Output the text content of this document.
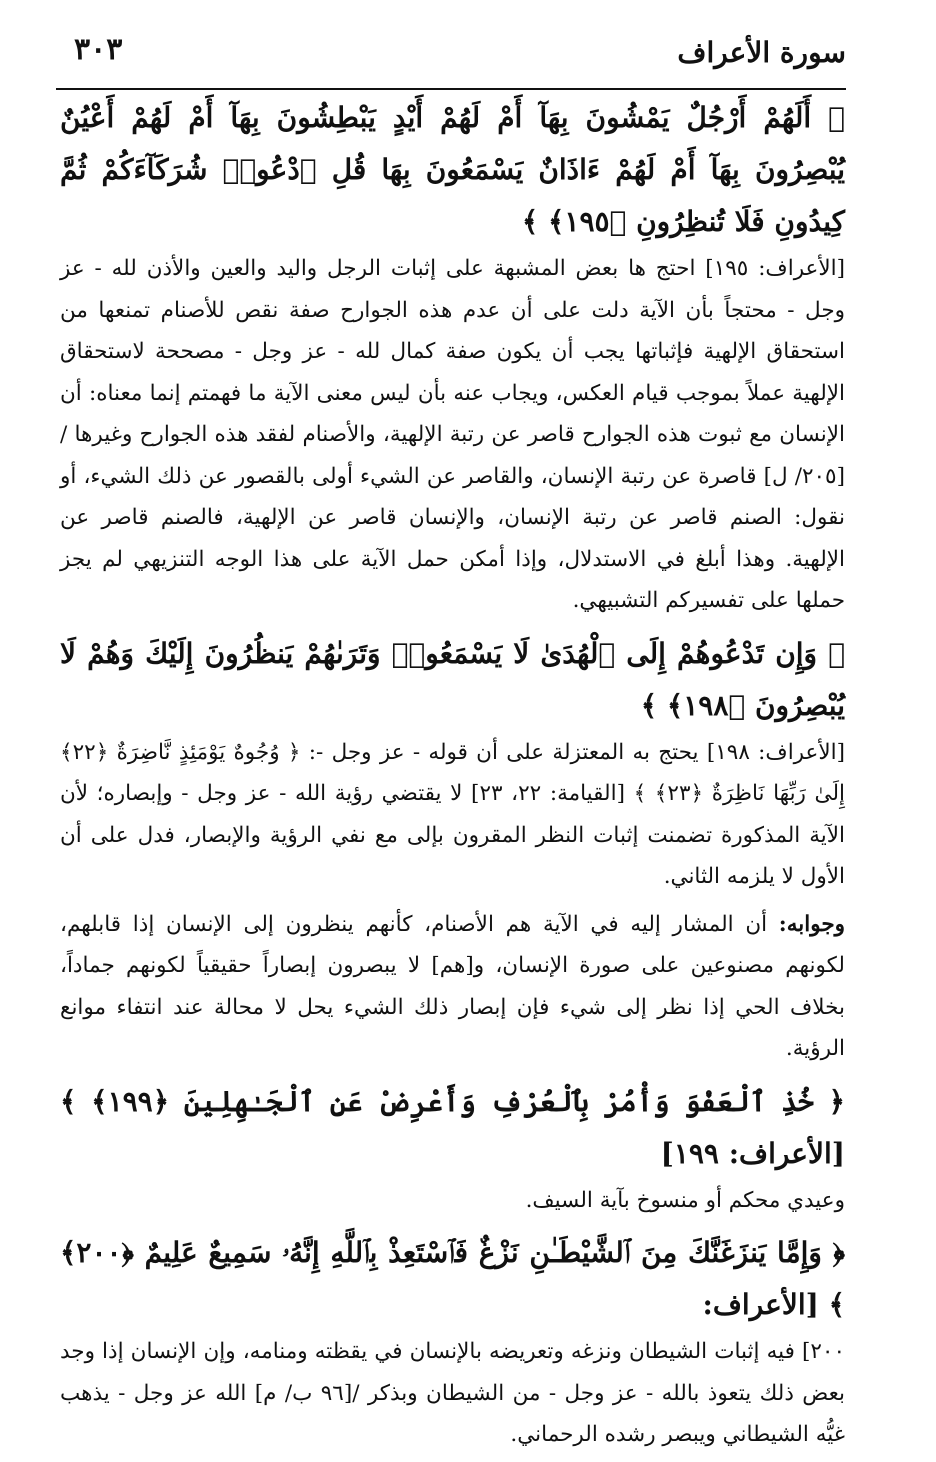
٣٠٣	سورة الأعراف

﴿ أَلَهُمْ أَرْجُلٌ يَمْشُونَ بِهَآ أَمْ لَهُمْ أَيْدٍ يَبْطِشُونَ بِهَآ أَمْ لَهُمْ أَعْيُنٌ يُبْصِرُونَ بِهَآ أَمْ لَهُمْ ءَاذَانٌ يَسْمَعُونَ بِهَا قُلِ ٱدْعُوا۟ شُرَكَآءَكُمْ ثُمَّ كِيدُونِ فَلَا تُنظِرُونِ ﴿١٩٥﴾ ﴾

[الأعراف: ١٩٥] احتج ها بعض المشبهة على إثبات الرجل واليد والعين والأذن لله - عز وجل - محتجاً بأن الآية دلت على أن عدم هذه الجوارح صفة نقص للأصنام تمنعها من استحقاق الإلهية فإثباتها يجب أن يكون صفة كمال لله - عز وجل - مصححة لاستحقاق الإلهية عملاً بموجب قيام العكس، ويجاب عنه بأن ليس معنى الآية ما فهمتم إنما معناه: أن الإنسان مع ثبوت هذه الجوارح قاصر عن رتبة الإلهية، والأصنام لفقد هذه الجوارح وغيرها / [٢٠٥/ ل] قاصرة عن رتبة الإنسان، والقاصر عن الشيء أولى بالقصور عن ذلك الشيء، أو نقول: الصنم قاصر عن رتبة الإنسان، والإنسان قاصر عن الإلهية، فالصنم قاصر عن الإلهية. وهذا أبلغ في الاستدلال، وإذا أمكن حمل الآية على هذا الوجه التنزيهي لم يجز حملها على تفسيركم التشبيهي.

﴿ وَإِن تَدْعُوهُمْ إِلَى ٱلْهُدَىٰ لَا يَسْمَعُوا۟ وَتَرَىٰهُمْ يَنظُرُونَ إِلَيْكَ وَهُمْ لَا يُبْصِرُونَ ﴿١٩٨﴾ ﴾

[الأعراف: ١٩٨] يحتج به المعتزلة على أن قوله - عز وجل -: ﴿ وُجُوهٌ يَوْمَئِذٍ نَّاضِرَةٌ ﴿٢٢﴾ إِلَىٰ رَبِّهَا نَاظِرَةٌ ﴿٢٣﴾ ﴾ [القيامة: ٢٢، ٢٣] لا يقتضي رؤية الله - عز وجل - وإبصاره؛ لأن الآية المذكورة تضمنت إثبات النظر المقرون بإلى مع نفي الرؤية والإبصار، فدل على أن الأول لا يلزمه الثاني.

وجوابه: أن المشار إليه في الآية هم الأصنام، كأنهم ينظرون إلى الإنسان إذا قابلهم، لكونهم مصنوعين على صورة الإنسان، و[هم] لا يبصرون إبصاراً حقيقياً لكونهم جماداً، بخلاف الحي إذا نظر إلى شيء فإن إبصار ذلك الشيء يحل لا محالة عند انتفاء موانع الرؤية.

﴿ خُذِ ٱلْعَفْوَ وَأْمُرْ بِٱلْعُرْفِ وَأَعْرِضْ عَنِ ٱلْجَـٰهِلِينَ ﴿١٩٩﴾ ﴾ [الأعراف: ١٩٩]

وعيدي محكم أو منسوخ بآية السيف.

﴿ وَإِمَّا يَنزَغَنَّكَ مِنَ ٱلشَّيْطَـٰنِ نَزْغٌ فَٱسْتَعِذْ بِٱللَّهِ إِنَّهُۥ سَمِيعٌ عَلِيمٌ ﴿٢٠٠﴾ ﴾ [الأعراف:

٢٠٠] فيه إثبات الشيطان ونزغه وتعريضه بالإنسان في يقظته ومنامه، وإن الإنسان إذا وجد بعض ذلك يتعوذ بالله - عز وجل - من الشيطان وبذكر /[٩٦ ب/ م] الله عز وجل - يذهب غيُّه الشيطاني ويبصر رشده الرحماني.
